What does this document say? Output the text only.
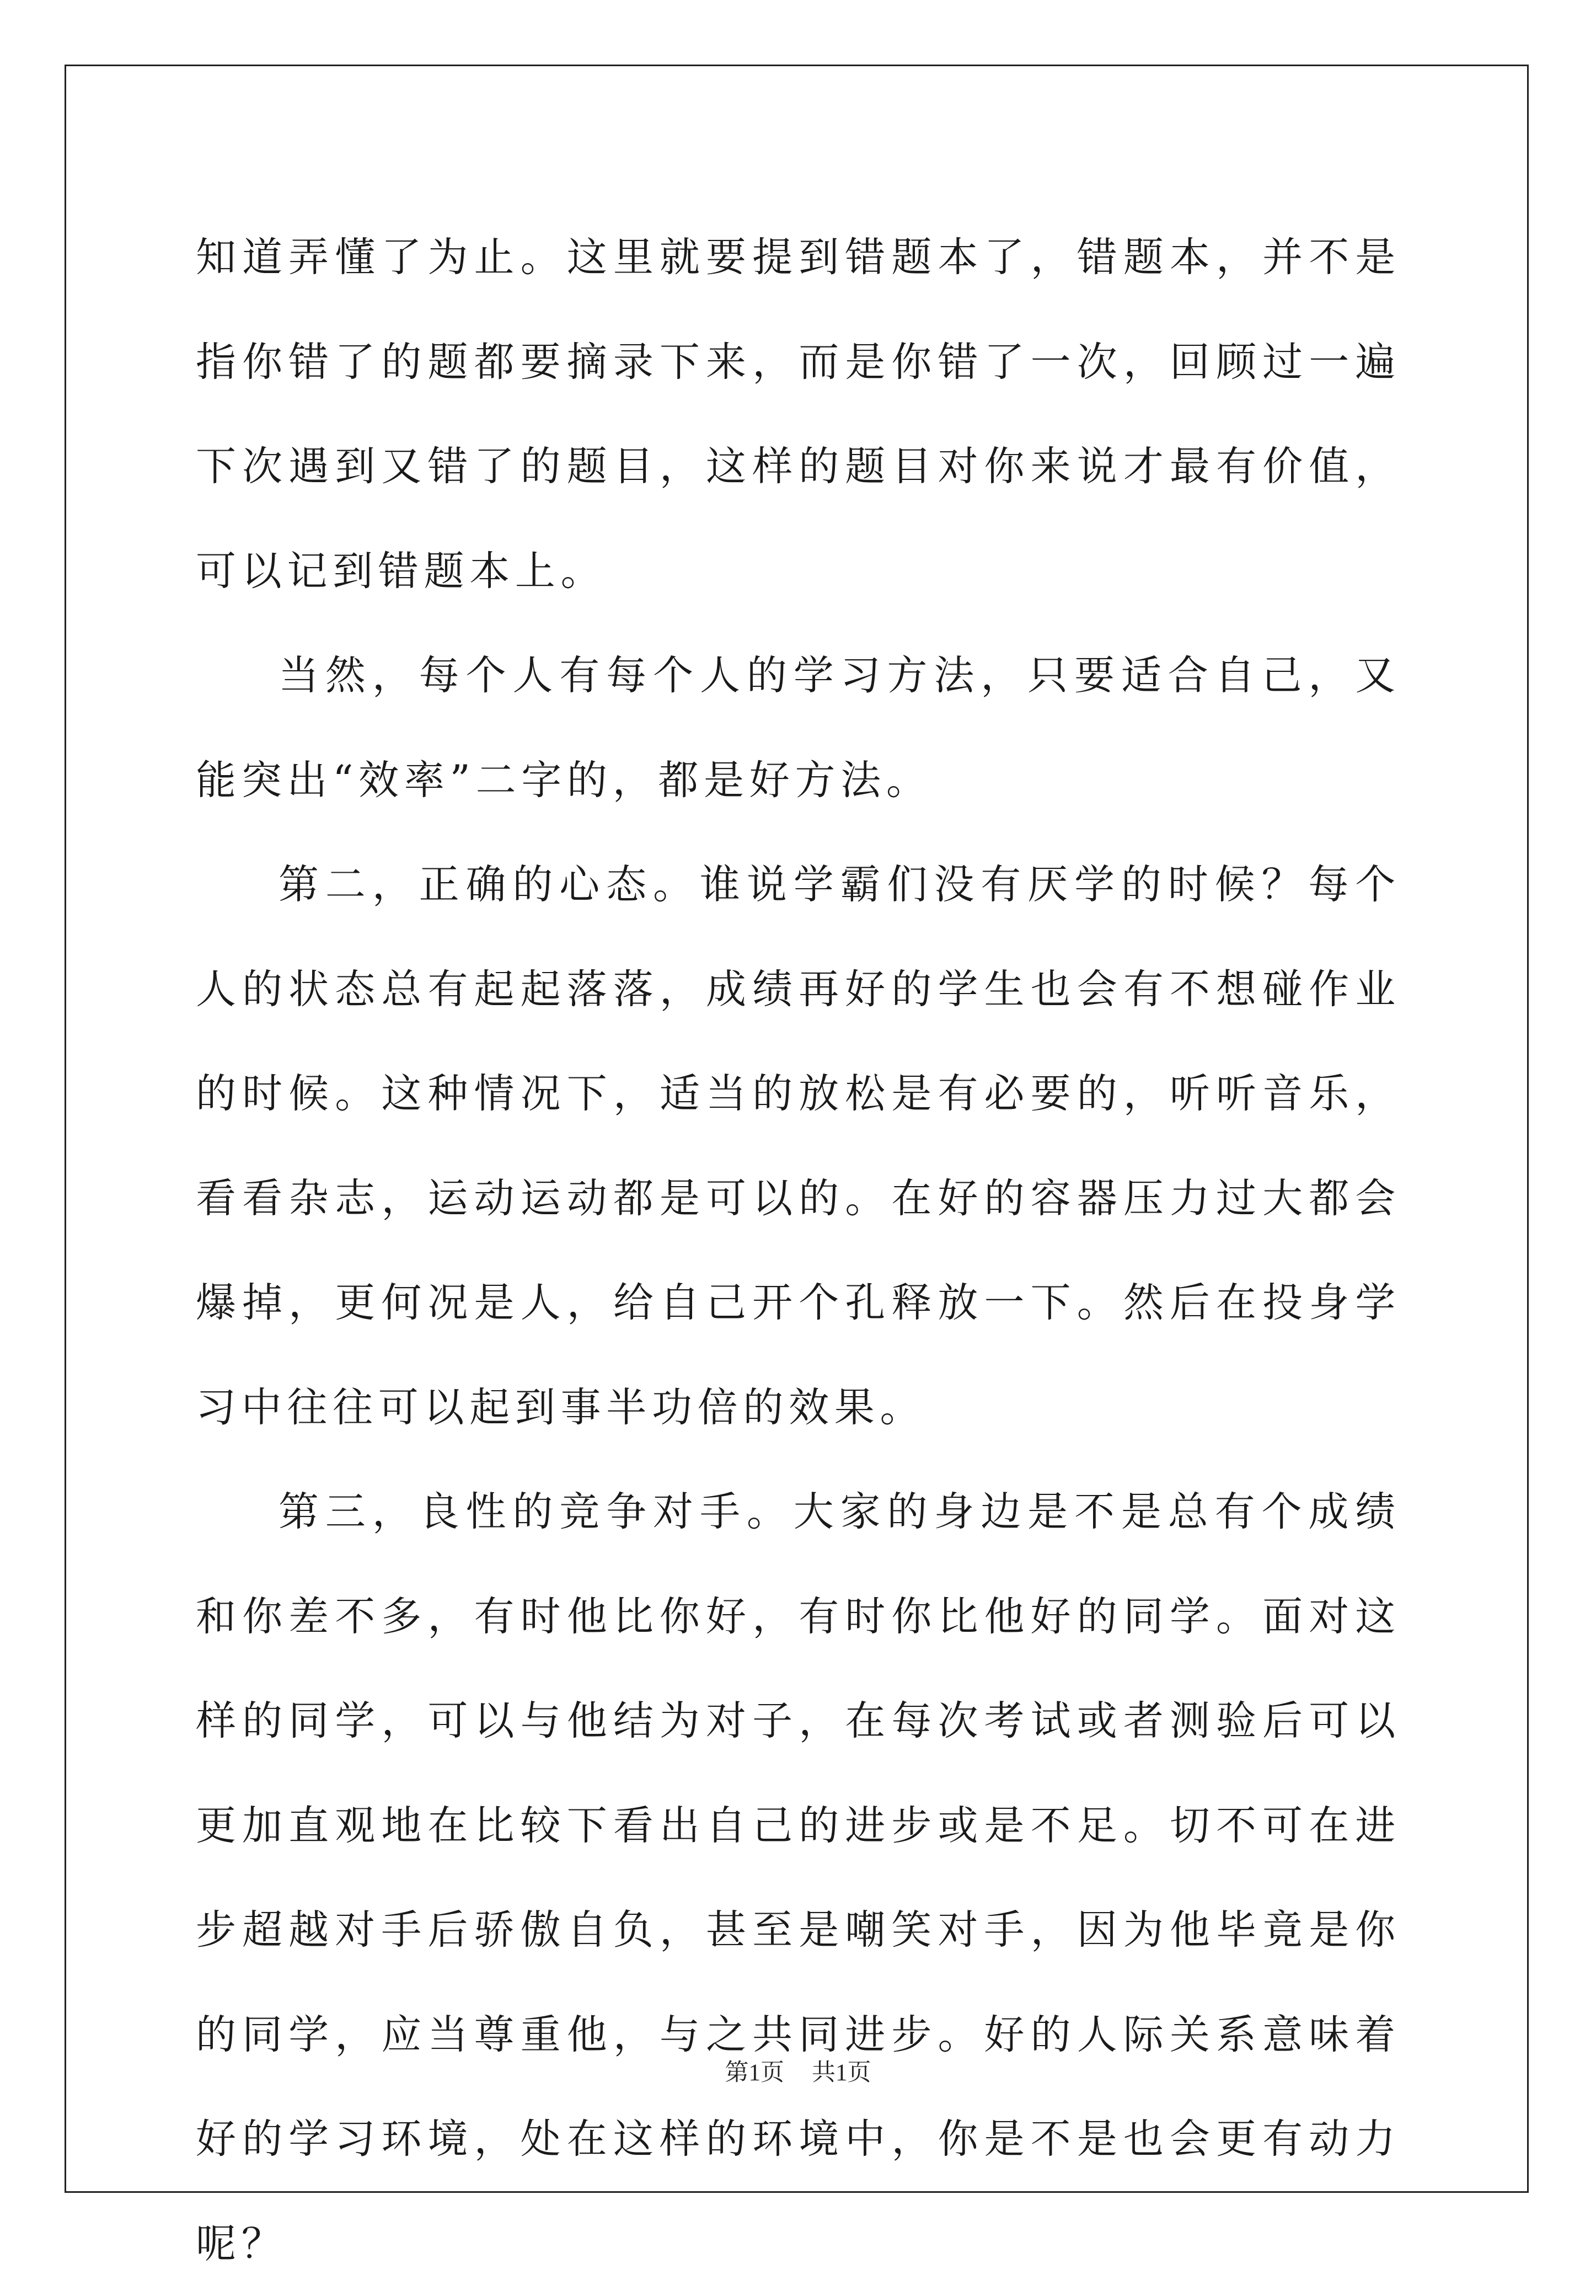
知道弄懂了为止。这里就要提到错题本了，错题本，并不是指你错了的题都要摘录下来，而是你错了一次，回顾过一遍下次遇到又错了的题目，这样的题目对你来说才最有价值，可以记到错题本上。

当然，每个人有每个人的学习方法，只要适合自己，又能突出“效率”二字的，都是好方法。

第二，正确的心态。谁说学霸们没有厌学的时候？每个人的状态总有起起落落，成绩再好的学生也会有不想碰作业的时候。这种情况下，适当的放松是有必要的，听听音乐，看看杂志，运动运动都是可以的。在好的容器压力过大都会爆掉，更何况是人，给自己开个孔释放一下。然后在投身学习中往往可以起到事半功倍的效果。

第三，良性的竞争对手。大家的身边是不是总有个成绩和你差不多，有时他比你好，有时你比他好的同学。面对这样的同学，可以与他结为对子，在每次考试或者测验后可以更加直观地在比较下看出自己的进步或是不足。切不可在进步超越对手后骄傲自负，甚至是嘲笑对手，因为他毕竟是你的同学，应当尊重他，与之共同进步。好的人际关系意味着好的学习环境，处在这样的环境中，你是不是也会更有动力呢？

第1页 共1页
